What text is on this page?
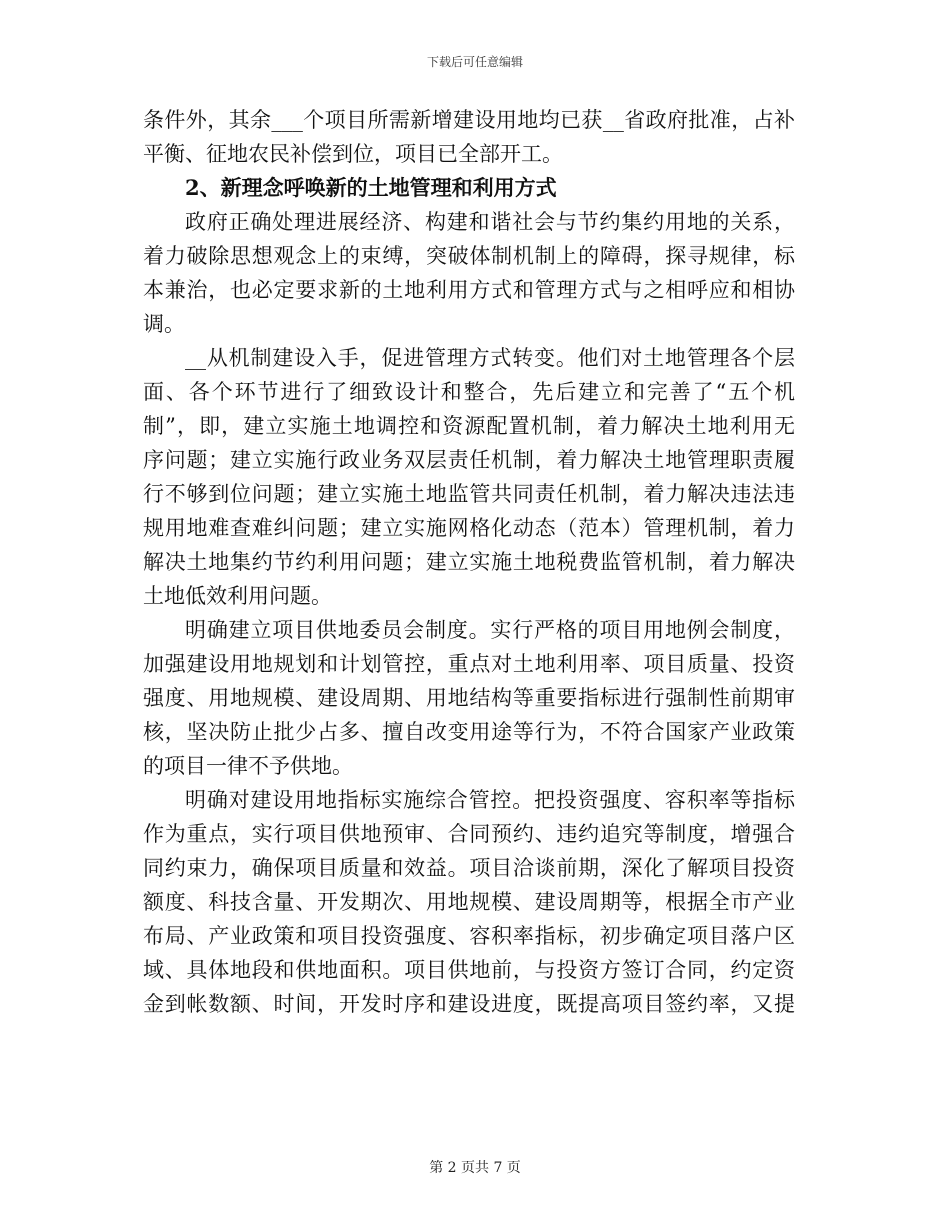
下载后可任意编辑
条件外，其余___个项目所需新增建设用地均已获__省政府批准，占补
平衡、征地农民补偿到位，项目已全部开工。
2、新理念呼唤新的土地管理和利用方式
政府正确处理进展经济、构建和谐社会与节约集约用地的关系，
着力破除思想观念上的束缚，突破体制机制上的障碍，探寻规律，标
本兼治，也必定要求新的土地利用方式和管理方式与之相呼应和相协
调。
__从机制建设入手，促进管理方式转变。他们对土地管理各个层
面、各个环节进行了细致设计和整合，先后建立和完善了“五个机
制”，即，建立实施土地调控和资源配置机制，着力解决土地利用无
序问题；建立实施行政业务双层责任机制，着力解决土地管理职责履
行不够到位问题；建立实施土地监管共同责任机制，着力解决违法违
规用地难查难纠问题；建立实施网格化动态（范本）管理机制，着力
解决土地集约节约利用问题；建立实施土地税费监管机制，着力解决
土地低效利用问题。
明确建立项目供地委员会制度。实行严格的项目用地例会制度，
加强建设用地规划和计划管控，重点对土地利用率、项目质量、投资
强度、用地规模、建设周期、用地结构等重要指标进行强制性前期审
核，坚决防止批少占多、擅自改变用途等行为，不符合国家产业政策
的项目一律不予供地。
明确对建设用地指标实施综合管控。把投资强度、容积率等指标
作为重点，实行项目供地预审、合同预约、违约追究等制度，增强合
同约束力，确保项目质量和效益。项目洽谈前期，深化了解项目投资
额度、科技含量、开发期次、用地规模、建设周期等，根据全市产业
布局、产业政策和项目投资强度、容积率指标，初步确定项目落户区
域、具体地段和供地面积。项目供地前，与投资方签订合同，约定资
金到帐数额、时间，开发时序和建设进度，既提高项目签约率，又提
第 2 页共 7 页
